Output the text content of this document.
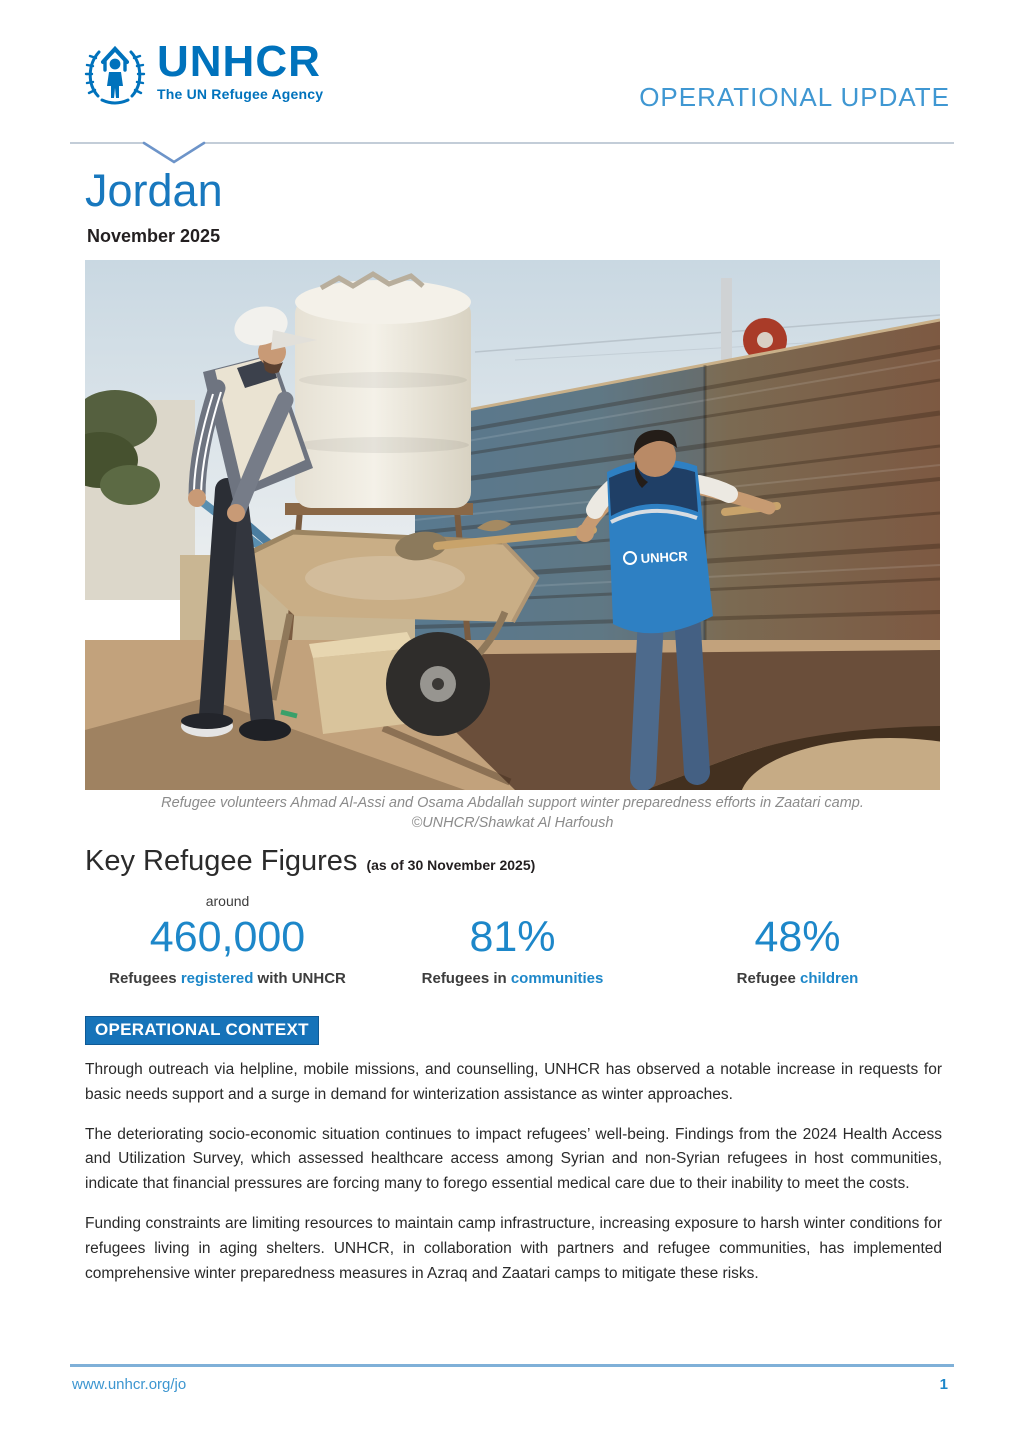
UNHCR
The UN Refugee Agency	OPERATIONAL UPDATE
Jordan
November 2025
UNHCR
Refugee volunteers Ahmad Al-Assi and Osama Abdallah support winter preparedness efforts in Zaatari camp.
©UNHCR/Shawkat Al Harfoush
Key Refugee Figures (as of 30 November 2025)
around
460,000
Refugees registered with UNHCR
81%
Refugees in communities
48%
Refugee children
OPERATIONAL CONTEXT

Through outreach via helpline, mobile missions, and counselling, UNHCR has observed a notable increase in requests for basic needs support and a surge in demand for winterization assistance as winter approaches.

The deteriorating socio-economic situation continues to impact refugees’ well-being. Findings from the 2024 Health Access and Utilization Survey, which assessed healthcare access among Syrian and non-Syrian refugees in host communities, indicate that financial pressures are forcing many to forego essential medical care due to their inability to meet the costs.

Funding constraints are limiting resources to maintain camp infrastructure, increasing exposure to harsh winter conditions for refugees living in aging shelters. UNHCR, in collaboration with partners and refugee communities, has implemented comprehensive winter preparedness measures in Azraq and Zaatari camps to mitigate these risks.

www.unhcr.org/jo	1
